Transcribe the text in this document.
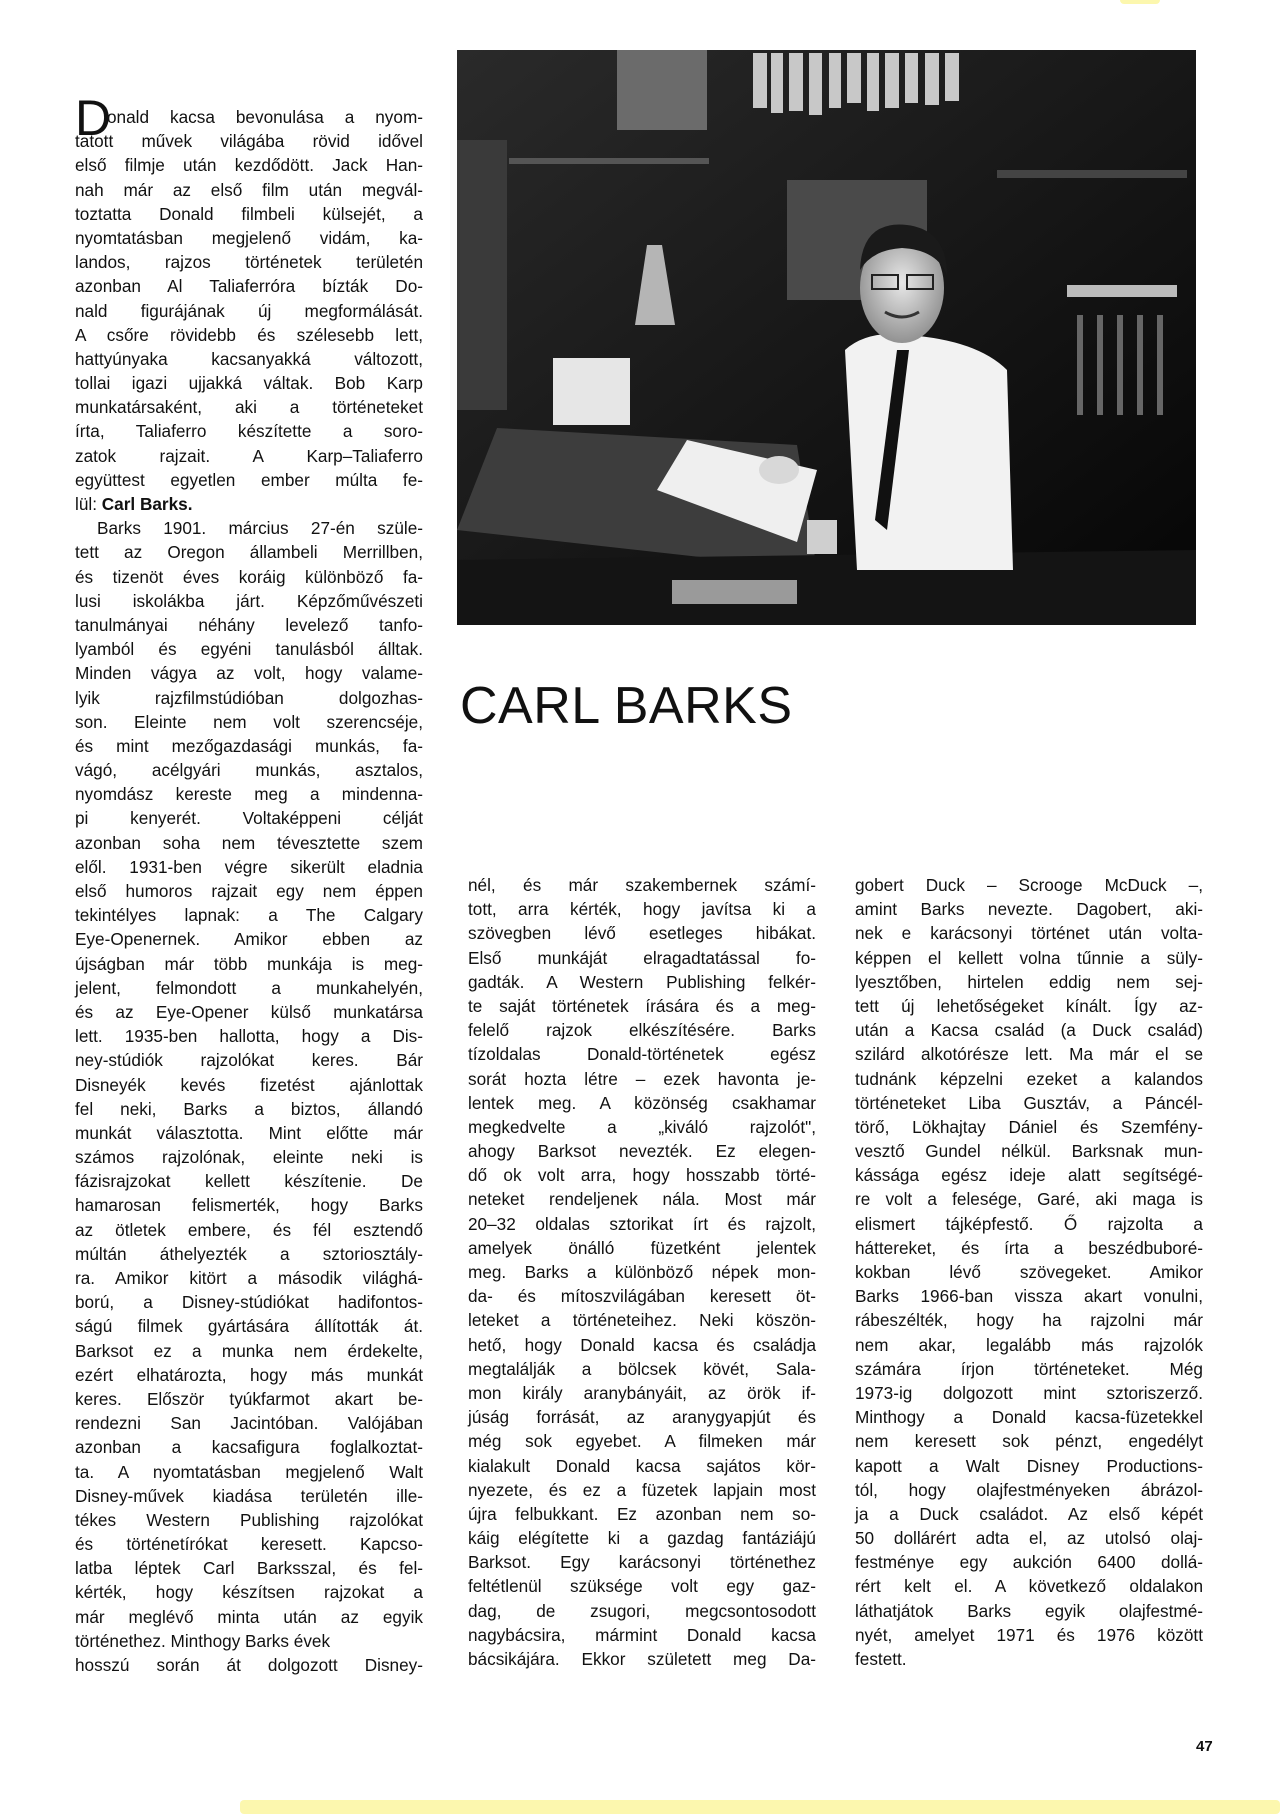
CARL BARKS
D
onald kacsa bevonulása a nyom-
tatott művek világába rövid idővel
első filmje után kezdődött. Jack Han-
nah már az első film után megvál-
toztatta Donald filmbeli külsejét, a
nyomtatásban megjelenő vidám, ka-
landos, rajzos történetek területén
azonban Al Taliaferróra bízták Do-
nald figurájának új megformálását.
A csőre rövidebb és szélesebb lett,
hattyúnyaka kacsanyakká változott,
tollai igazi ujjakká váltak. Bob Karp
munkatársaként, aki a történeteket
írta, Taliaferro készítette a soro-
zatok rajzait. A Karp–Taliaferro
együttest egyetlen ember múlta fe-
lül: Carl Barks.
Barks 1901. március 27-én szüle-
tett az Oregon állambeli Merrillben,
és tizenöt éves koráig különböző fa-
lusi iskolákba járt. Képzőművészeti
tanulmányai néhány levelező tanfo-
lyamból és egyéni tanulásból álltak.
Minden vágya az volt, hogy valame-
lyik rajzfilmstúdióban dolgozhas-
son. Eleinte nem volt szerencséje,
és mint mezőgazdasági munkás, fa-
vágó, acélgyári munkás, asztalos,
nyomdász kereste meg a mindenna-
pi kenyerét. Voltaképpeni célját
azonban soha nem tévesztette szem
elől. 1931-ben végre sikerült eladnia
első humoros rajzait egy nem éppen
tekintélyes lapnak: a The Calgary
Eye-Openernek. Amikor ebben az
újságban már több munkája is meg-
jelent, felmondott a munkahelyén,
és az Eye-Opener külső munkatársa
lett. 1935-ben hallotta, hogy a Dis-
ney-stúdiók rajzolókat keres. Bár
Disneyék kevés fizetést ajánlottak
fel neki, Barks a biztos, állandó
munkát választotta. Mint előtte már
számos rajzolónak, eleinte neki is
fázisrajzokat kellett készítenie. De
hamarosan felismerték, hogy Barks
az ötletek embere, és fél esztendő
múltán áthelyezték a sztoriosztály-
ra. Amikor kitört a második világhá-
ború, a Disney-stúdiókat hadifontos-
ságú filmek gyártására állították át.
Barksot ez a munka nem érdekelte,
ezért elhatározta, hogy más munkát
keres. Először tyúkfarmot akart be-
rendezni San Jacintóban. Valójában
azonban a kacsafigura foglalkoztat-
ta. A nyomtatásban megjelenő Walt
Disney-művek kiadása területén ille-
tékes Western Publishing rajzolókat
és történetírókat keresett. Kapcso-
latba léptek Carl Barksszal, és fel-
kérték, hogy készítsen rajzokat a
már meglévő minta után az egyik
történethez. Minthogy Barks évek
hosszú során át dolgozott Disney-
nél, és már szakembernek számí-
tott, arra kérték, hogy javítsa ki a
szövegben lévő esetleges hibákat.
Első munkáját elragadtatással fo-
gadták. A Western Publishing felkér-
te saját történetek írására és a meg-
felelő rajzok elkészítésére. Barks
tízoldalas Donald-történetek egész
sorát hozta létre – ezek havonta je-
lentek meg. A közönség csakhamar
megkedvelte a „kiváló rajzolót",
ahogy Barksot nevezték. Ez elegen-
dő ok volt arra, hogy hosszabb törté-
neteket rendeljenek nála. Most már
20–32 oldalas sztorikat írt és rajzolt,
amelyek önálló füzetként jelentek
meg. Barks a különböző népek mon-
da- és mítoszvilágában keresett öt-
leteket a történeteihez. Neki köszön-
hető, hogy Donald kacsa és családja
megtalálják a bölcsek kövét, Sala-
mon király aranybányáit, az örök if-
júság forrását, az aranygyapjút és
még sok egyebet. A filmeken már
kialakult Donald kacsa sajátos kör-
nyezete, és ez a füzetek lapjain most
újra felbukkant. Ez azonban nem so-
káig elégítette ki a gazdag fantáziájú
Barksot. Egy karácsonyi történethez
feltétlenül szüksége volt egy gaz-
dag, de zsugori, megcsontosodott
nagybácsira, mármint Donald kacsa
bácsikájára. Ekkor született meg Da-
gobert Duck – Scrooge McDuck –,
amint Barks nevezte. Dagobert, aki-
nek e karácsonyi történet után volta-
képpen el kellett volna tűnnie a süly-
lyesztőben, hirtelen eddig nem sej-
tett új lehetőségeket kínált. Így az-
után a Kacsa család (a Duck család)
szilárd alkotórésze lett. Ma már el se
tudnánk képzelni ezeket a kalandos
történeteket Liba Gusztáv, a Páncél-
törő, Lökhajtay Dániel és Szemfény-
vesztő Gundel nélkül. Barksnak mun-
kássága egész ideje alatt segítségé-
re volt a felesége, Garé, aki maga is
elismert tájképfestő. Ő rajzolta a
háttereket, és írta a beszédbuboré-
kokban lévő szövegeket. Amikor
Barks 1966-ban vissza akart vonulni,
rábeszélték, hogy ha rajzolni már
nem akar, legalább más rajzolók
számára írjon történeteket. Még
1973-ig dolgozott mint sztoriszerző.
Minthogy a Donald kacsa-füzetekkel
nem keresett sok pénzt, engedélyt
kapott a Walt Disney Productions-
tól, hogy olajfestményeken ábrázol-
ja a Duck családot. Az első képét
50 dollárért adta el, az utolsó olaj-
festménye egy aukción 6400 dollá-
rért kelt el. A következő oldalakon
láthatjátok Barks egyik olajfestmé-
nyét, amelyet 1971 és 1976 között
festett.
47
